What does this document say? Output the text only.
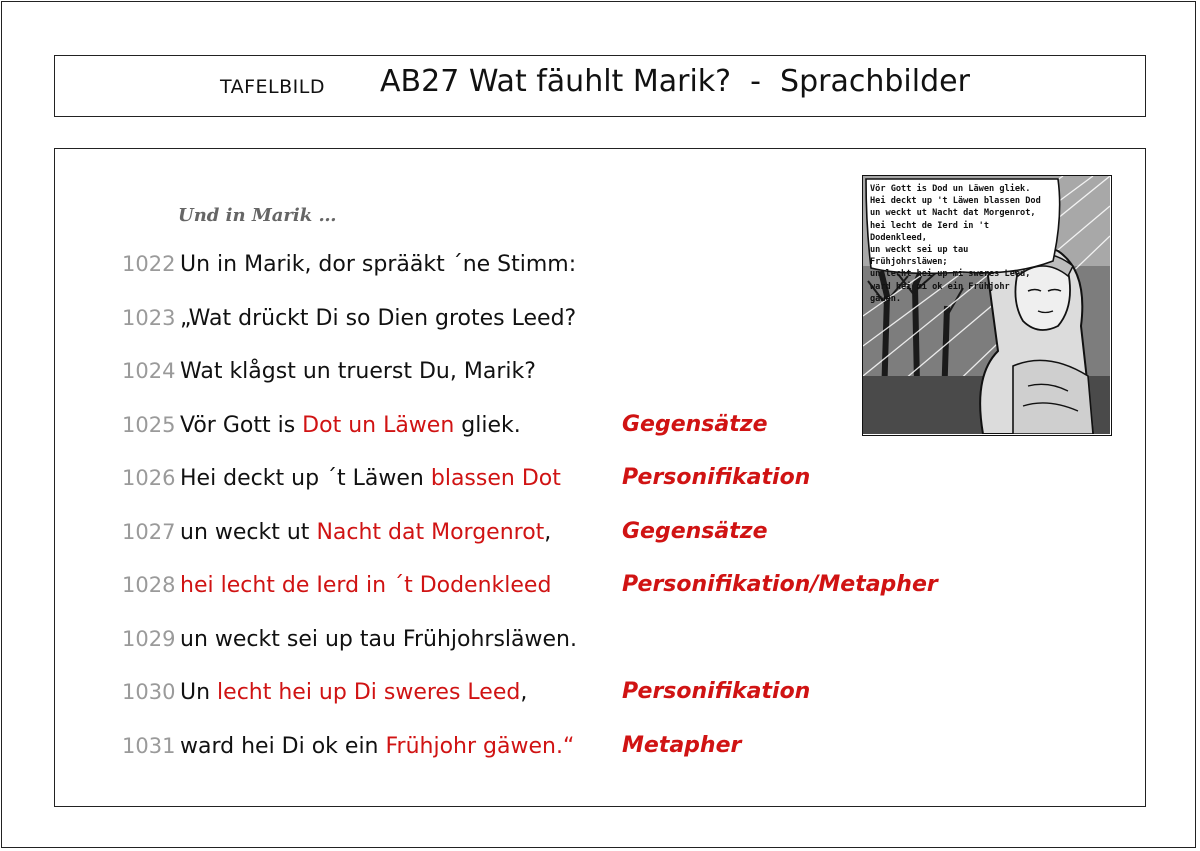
TAFELBILD AB27 Wat fäuhlt Marik?  -  Sprachbilder
Und in Marik …
1022 Un in Marik, dor sprääkt ´ne Stimm:
1023 „Wat drückt Di so Dien grotes Leed?
1024 Wat klågst un truerst Du, Marik?
1025 Vör Gott is Dot un Läwen gliek.	Gegensätze
1026 Hei deckt up ´t Läwen blassen Dot	Personifikation
1027 un weckt ut Nacht dat Morgenrot,	Gegensätze
1028 hei lecht de Ierd in ´t Dodenkleed	Personifikation/Metapher
1029 un weckt sei up tau Frühjohrsläwen.
1030 Un lecht hei up Di sweres Leed,	Personifikation
1031 ward hei Di ok ein Frühjohr gäwen.“ Metapher
Vör Gott is Dod un Läwen gliek.
Hei deckt up 't Läwen blassen Dod
un weckt ut Nacht dat Morgenrot,
hei lecht de Ierd in 't Dodenkleed,
un weckt sei up tau Frühjohrsläwen;
un lecht hei up mi sweres Leed,
ward hei mi ok ein Frühjohr gäwen.
